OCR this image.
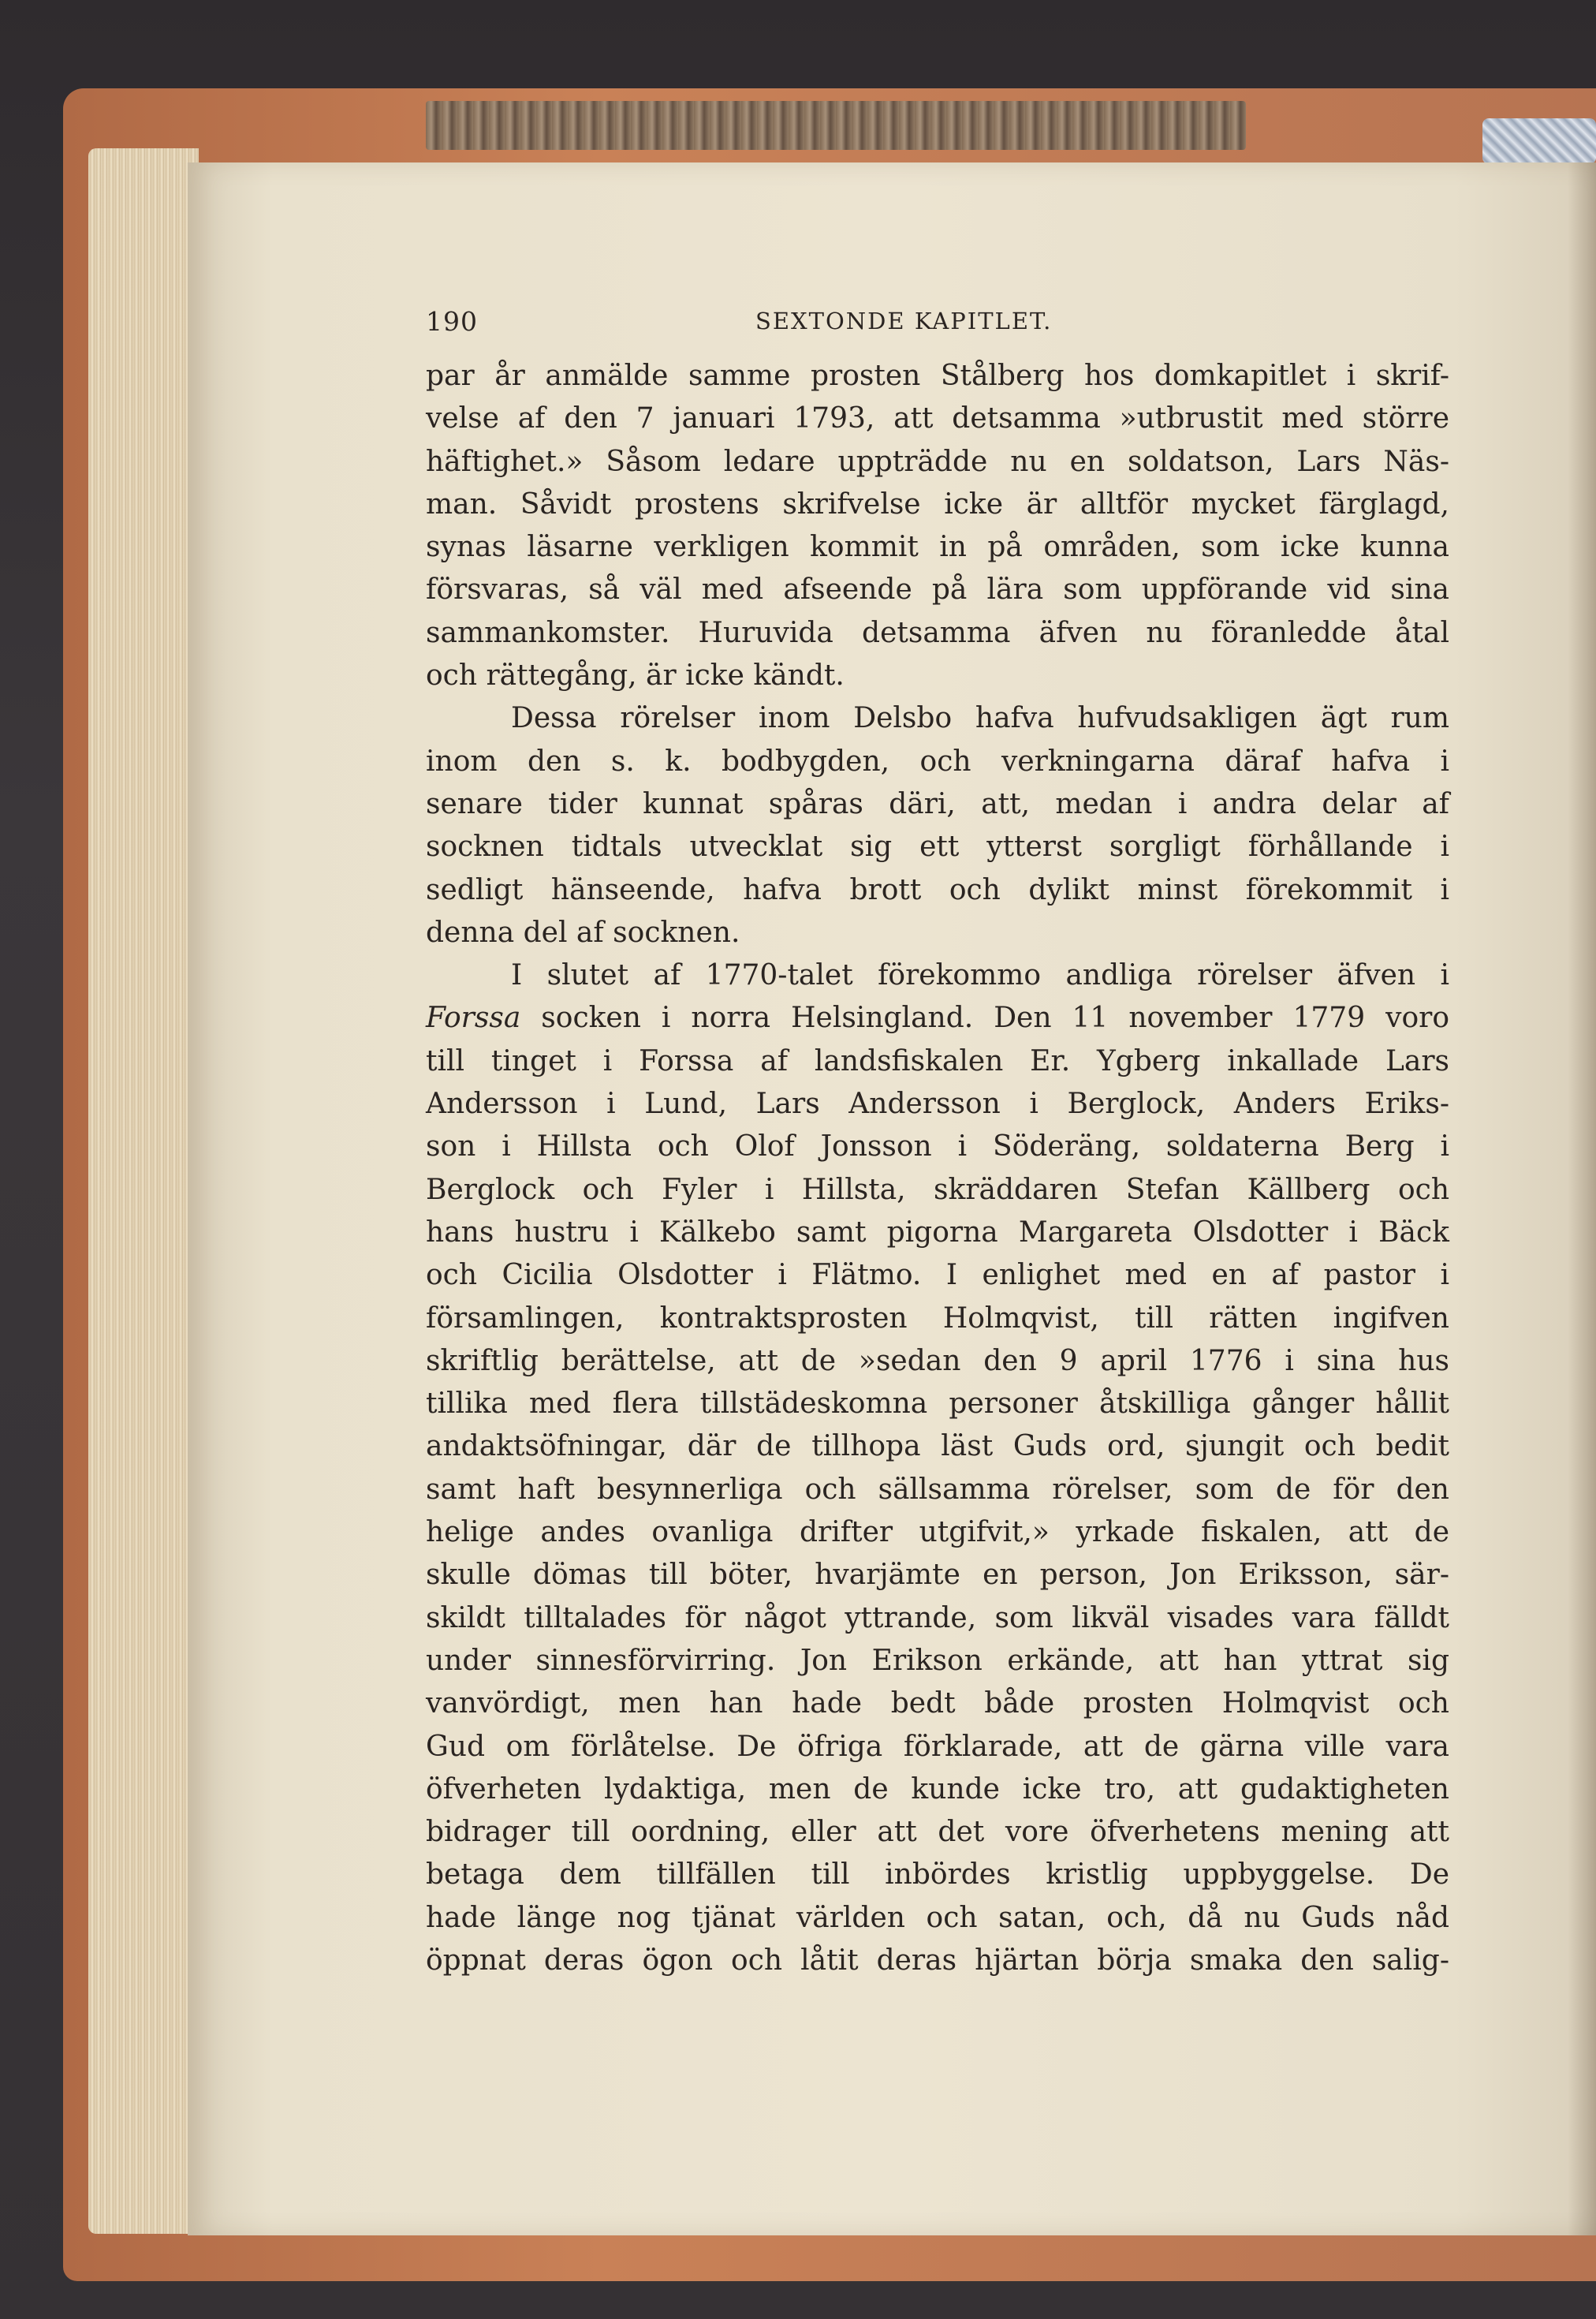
190	SEXTONDE KAPITLET.
par år anmälde samme prosten Stålberg hos domkapitlet i skrif-
velse af den 7 januari 1793, att detsamma »utbrustit med större
häftighet.» Såsom ledare uppträdde nu en soldatson, Lars Näs-
man. Såvidt prostens skrifvelse icke är alltför mycket färglagd,
synas läsarne verkligen kommit in på områden, som icke kunna
försvaras, så väl med afseende på lära som uppförande vid sina
sammankomster. Huruvida detsamma äfven nu föranledde åtal
och rättegång, är icke kändt.
Dessa rörelser inom Delsbo hafva hufvudsakligen ägt rum
inom den s. k. bodbygden, och verkningarna däraf hafva i
senare tider kunnat spåras däri, att, medan i andra delar af
socknen tidtals utvecklat sig ett ytterst sorgligt förhållande i
sedligt hänseende, hafva brott och dylikt minst förekommit i
denna del af socknen.
I slutet af 1770-talet förekommo andliga rörelser äfven i
Forssa socken i norra Helsingland. Den 11 november 1779 voro
till tinget i Forssa af landsfiskalen Er. Ygberg inkallade Lars
Andersson i Lund, Lars Andersson i Berglock, Anders Eriks-
son i Hillsta och Olof Jonsson i Söderäng, soldaterna Berg i
Berglock och Fyler i Hillsta, skräddaren Stefan Källberg och
hans hustru i Kälkebo samt pigorna Margareta Olsdotter i Bäck
och Cicilia Olsdotter i Flätmo. I enlighet med en af pastor i
församlingen, kontraktsprosten Holmqvist, till rätten ingifven
skriftlig berättelse, att de »sedan den 9 april 1776 i sina hus
tillika med flera tillstädeskomna personer åtskilliga gånger hållit
andaktsöfningar, där de tillhopa läst Guds ord, sjungit och bedit
samt haft besynnerliga och sällsamma rörelser, som de för den
helige andes ovanliga drifter utgifvit,» yrkade fiskalen, att de
skulle dömas till böter, hvarjämte en person, Jon Eriksson, sär-
skildt tilltalades för något yttrande, som likväl visades vara fälldt
under sinnesförvirring. Jon Erikson erkände, att han yttrat sig
vanvördigt, men han hade bedt både prosten Holmqvist och
Gud om förlåtelse. De öfriga förklarade, att de gärna ville vara
öfverheten lydaktiga, men de kunde icke tro, att gudaktigheten
bidrager till oordning, eller att det vore öfverhetens mening att
betaga dem tillfällen till inbördes kristlig uppbyggelse. De
hade länge nog tjänat världen och satan, och, då nu Guds nåd
öppnat deras ögon och låtit deras hjärtan börja smaka den salig-
